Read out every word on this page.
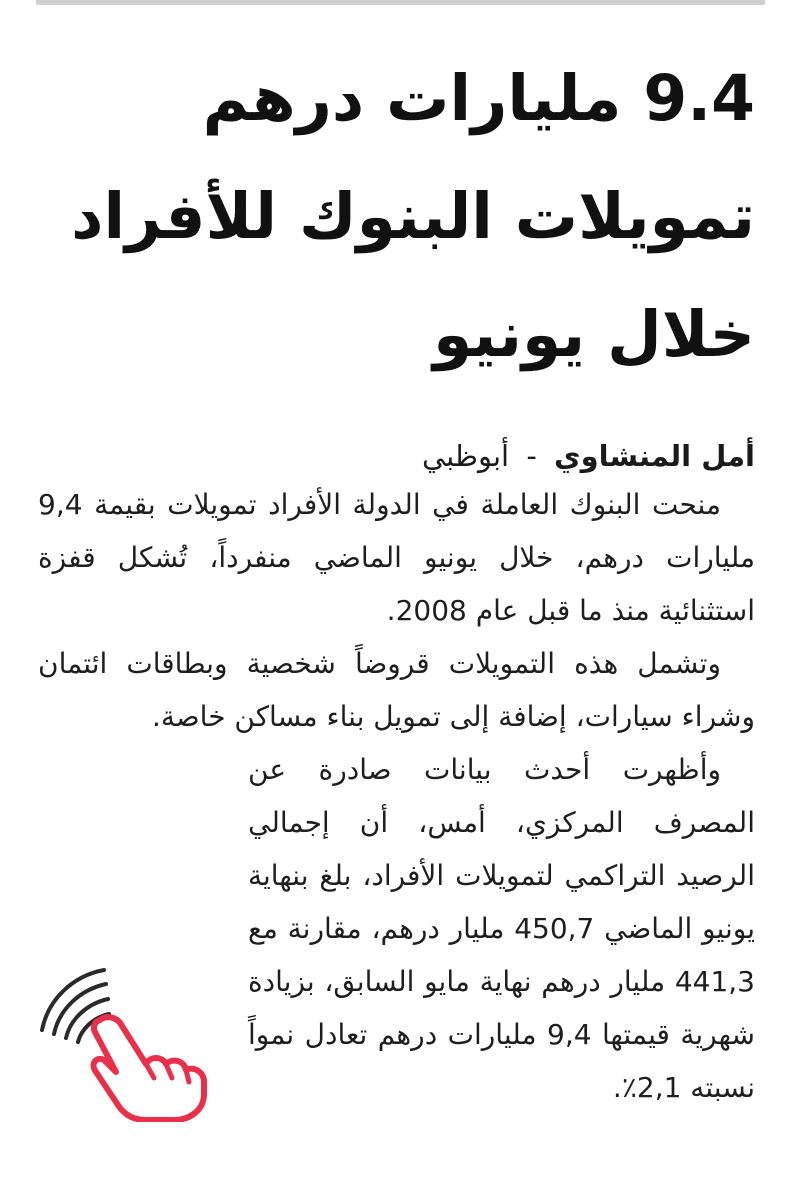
9.4 مليارات درهم
تمويلات البنوك للأفراد
خلال يونيو
أمل المنشاوي - أبوظبي

منحت البنوك العاملة في الدولة الأفراد تمويلات بقيمة 9,4 مليارات درهم، خلال يونيو الماضي منفرداً، تُشكل قفزة استثنائية منذ ما قبل عام 2008.

وتشمل هذه التمويلات قروضاً شخصية وبطاقات ائتمان وشراء سيارات، إضافة إلى تمويل بناء مساكن خاصة.

وأظهرت أحدث بيانات صادرة عن المصرف المركزي، أمس، أن إجمالي الرصيد التراكمي لتمويلات الأفراد، بلغ بنهاية يونيو الماضي 450,7 مليار درهم، مقارنة مع 441,3 مليار درهم نهاية مايو السابق، بزيادة شهرية قيمتها 9,4 مليارات درهم تعادل نمواً نسبته 2,1٪.
